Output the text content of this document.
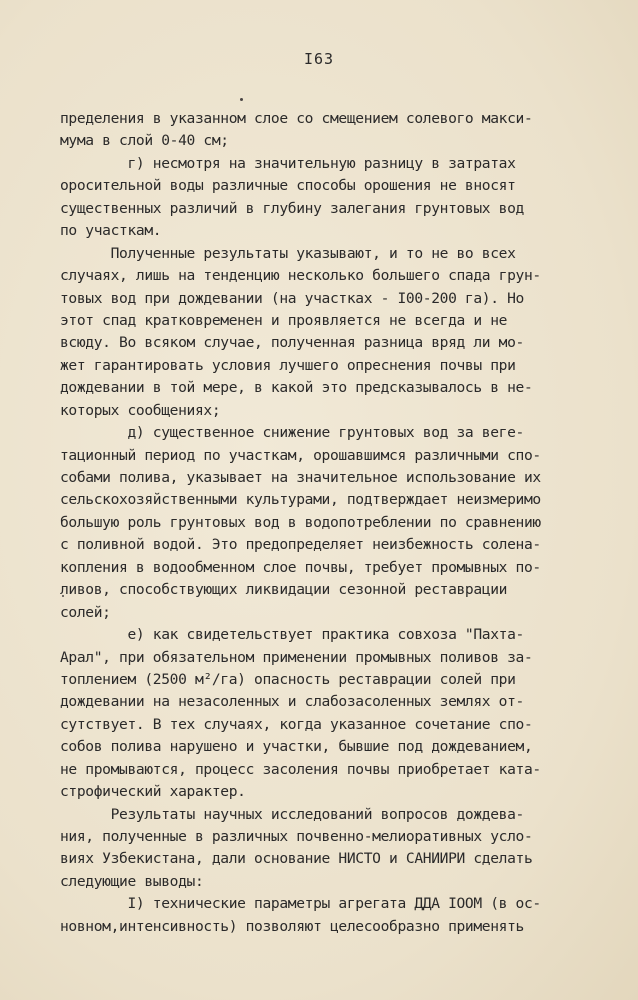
I63
пределения в указанном слое со смещением солевого макси-
мума в слой 0-40 см;
г) несмотря на значительную разницу в затратах
оросительной воды различные способы орошения не вносят
существенных различий в глубину залегания грунтовых вод
по участкам.
Полученные результаты указывают, и то не во всех
случаях, лишь на тенденцию несколько большего спада грун-
товых вод при дождевании (на участках - I00-200 га). Но
этот спад кратковременен и проявляется не всегда и не
всюду. Во всяком случае, полученная разница вряд ли мо-
жет гарантировать условия лучшего опреснения почвы при
дождевании в той мере, в какой это предсказывалось в не-
которых сообщениях;
д) существенное снижение грунтовых вод за веге-
тационный период по участкам, орошавшимся различными спо-
собами полива, указывает на значительное использование их
сельскохозяйственными культурами, подтверждает неизмеримо
большую роль грунтовых вод в водопотреблении по сравнению
с поливной водой. Это предопределяет неизбежность солена-
копления в водообменном слое почвы, требует промывных по-
ливов, способствующих ликвидации сезонной реставрации
солей;
е) как свидетельствует практика совхоза "Пахта-
Арал", при обязательном применении промывных поливов за-
топлением (2500 м²/га) опасность реставрации солей при
дождевании на незасоленных и слабозасоленных землях от-
сутствует. В тех случаях, когда указанное сочетание спо-
собов полива нарушено и участки, бывшие под дождеванием,
не промываются, процесс засоления почвы приобретает ката-
строфический характер.
Результаты научных исследований вопросов дождева-
ния, полученные в различных почвенно-мелиоративных усло-
виях Узбекистана, дали основание НИСТО и САНИИРИ сделать
следующие выводы:
I) технические параметры агрегата ДДА IOOM (в ос-
новном,интенсивность) позволяют целесообразно применять
